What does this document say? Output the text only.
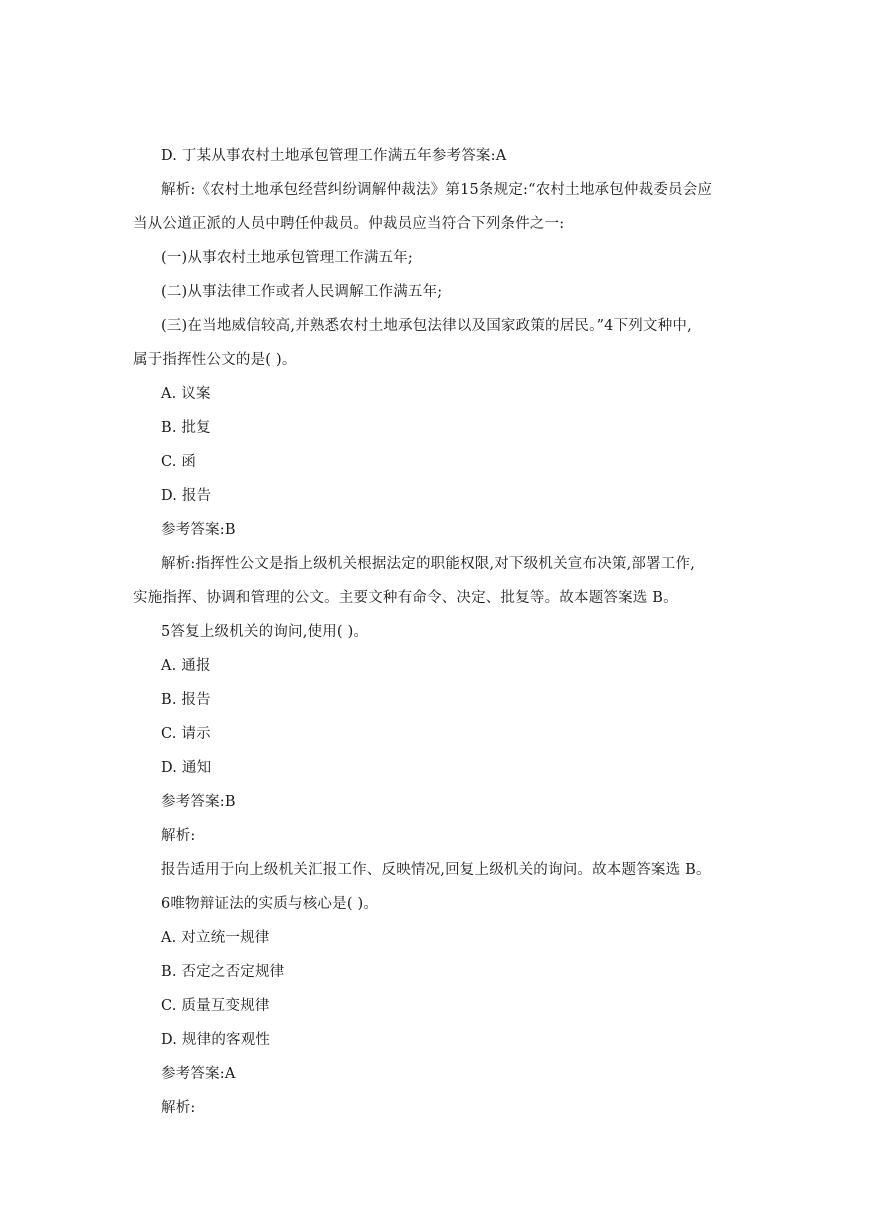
D. 丁某从事农村土地承包管理工作满五年参考答案:A
解析:《农村土地承包经营纠纷调解仲裁法》第15条规定:“农村土地承包仲裁委员会应
当从公道正派的人员中聘任仲裁员。仲裁员应当符合下列条件之一:
(一)从事农村土地承包管理工作满五年;
(二)从事法律工作或者人民调解工作满五年;
(三)在当地威信较高,并熟悉农村土地承包法律以及国家政策的居民。”4下列文种中,
属于指挥性公文的是( )。
A. 议案
B. 批复
C. 函
D. 报告
参考答案:B
解析:指挥性公文是指上级机关根据法定的职能权限,对下级机关宣布决策,部署工作,
实施指挥、协调和管理的公文。主要文种有命令、决定、批复等。故本题答案选 B。
5答复上级机关的询问,使用( )。
A. 通报
B. 报告
C. 请示
D. 通知
参考答案:B
解析:
报告适用于向上级机关汇报工作、反映情况,回复上级机关的询问。故本题答案选 B。
6唯物辩证法的实质与核心是( )。
A. 对立统一规律
B. 否定之否定规律
C. 质量互变规律
D. 规律的客观性
参考答案:A
解析:
